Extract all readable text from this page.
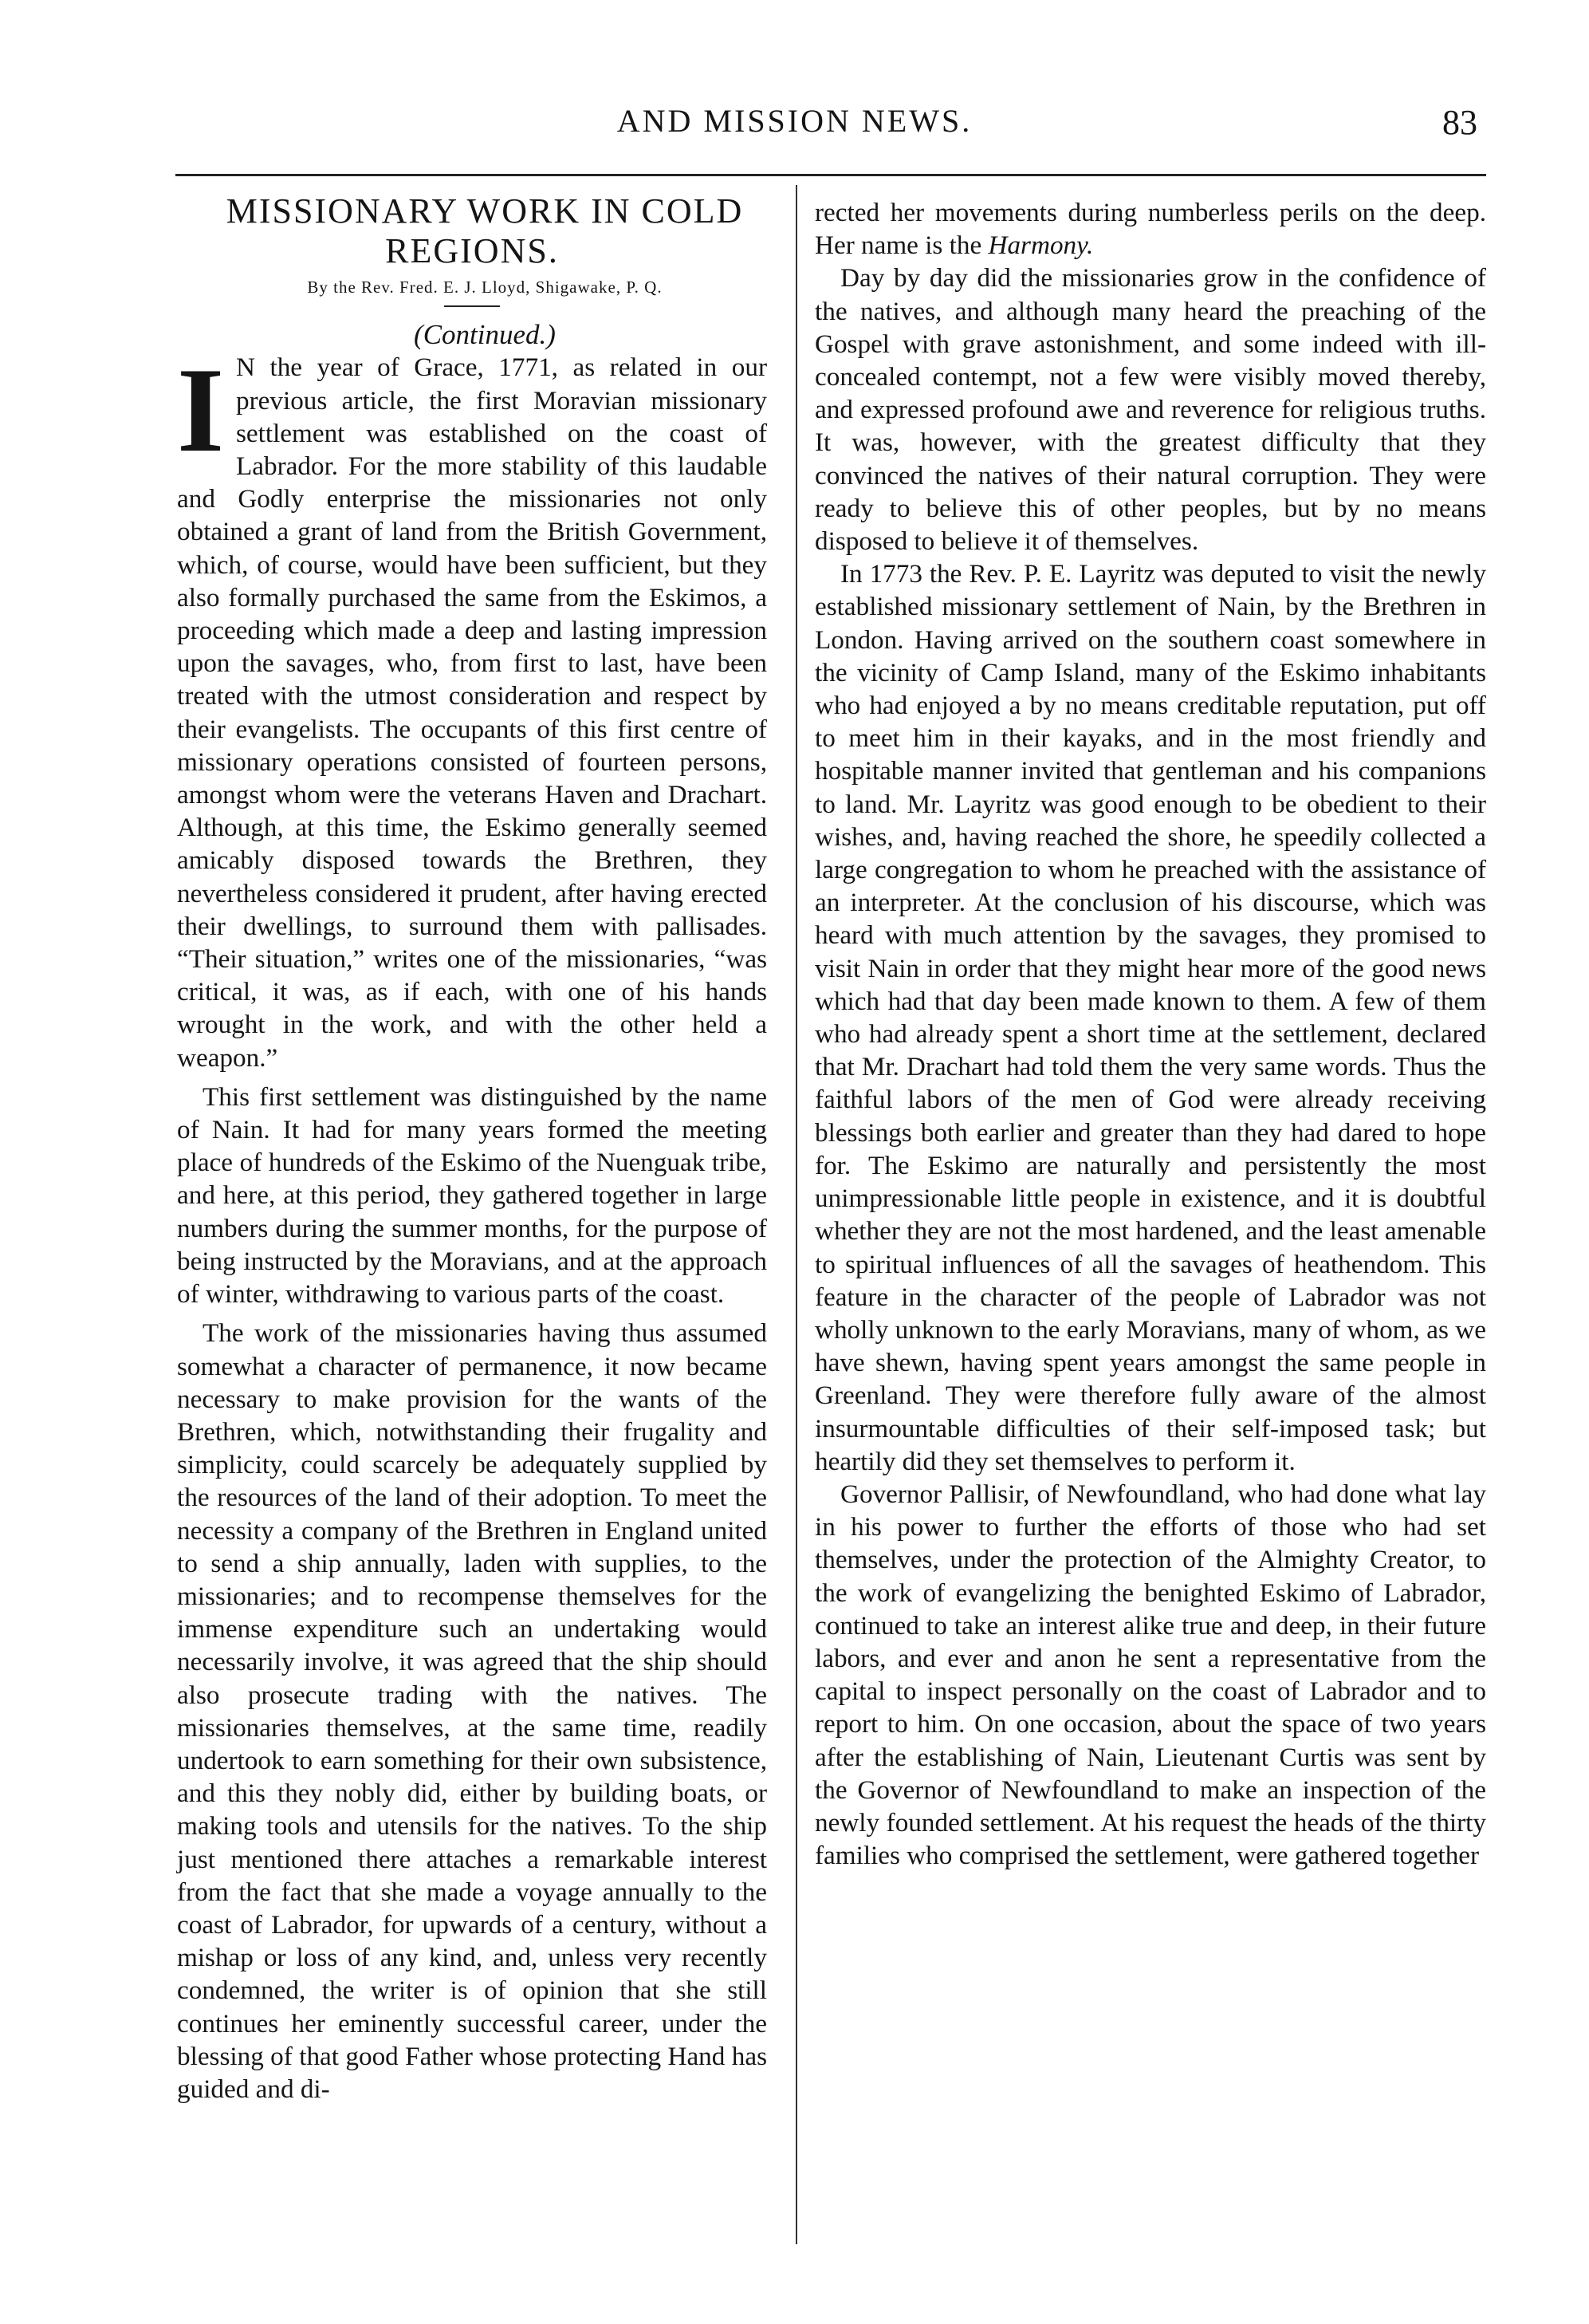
AND MISSION NEWS.	83

MISSIONARY WORK IN COLD REGIONS.

By the Rev. Fred. E. J. Lloyd, Shigawake, P. Q.

(Continued.)

I N the year of Grace, 1771, as related in our previous article, the first Moravian missionary settlement was established on the coast of Labrador. For the more stability of this laudable and Godly enterprise the missionaries not only obtained a grant of land from the British Government, which, of course, would have been sufficient, but they also formally purchased the same from the Eskimos, a proceeding which made a deep and lasting impression upon the savages, who, from first to last, have been treated with the utmost consideration and respect by their evangelists. The occupants of this first centre of missionary operations consisted of fourteen persons, amongst whom were the veterans Haven and Drachart. Although, at this time, the Eskimo generally seemed amicably disposed towards the Brethren, they nevertheless considered it prudent, after having erected their dwellings, to surround them with pallisades. “Their situation,” writes one of the missionaries, “was critical, it was, as if each, with one of his hands wrought in the work, and with the other held a weapon.”

This first settlement was distinguished by the name of Nain. It had for many years formed the meeting place of hundreds of the Eskimo of the Nuenguak tribe, and here, at this period, they gathered together in large numbers during the summer months, for the purpose of being instructed by the Moravians, and at the approach of winter, withdrawing to various parts of the coast.

The work of the missionaries having thus assumed somewhat a character of permanence, it now became necessary to make provision for the wants of the Brethren, which, notwithstanding their frugality and simplicity, could scarcely be adequately supplied by the resources of the land of their adoption. To meet the necessity a company of the Brethren in England united to send a ship annually, laden with supplies, to the missionaries; and to recompense themselves for the immense expenditure such an undertaking would necessarily involve, it was agreed that the ship should also prosecute trading with the natives. The missionaries themselves, at the same time, readily undertook to earn something for their own subsistence, and this they nobly did, either by building boats, or making tools and utensils for the natives. To the ship just mentioned there attaches a remarkable interest from the fact that she made a voyage annually to the coast of Labrador, for upwards of a century, without a mishap or loss of any kind, and, unless very recently condemned, the writer is of opinion that she still continues her eminently successful career, under the blessing of that good Father whose protecting Hand has guided and di-

rected her movements during numberless perils on the deep. Her name is the Harmony.

Day by day did the missionaries grow in the confidence of the natives, and although many heard the preaching of the Gospel with grave astonishment, and some indeed with ill-concealed contempt, not a few were visibly moved thereby, and expressed profound awe and reverence for religious truths. It was, however, with the greatest difficulty that they convinced the natives of their natural corruption. They were ready to believe this of other peoples, but by no means disposed to believe it of themselves.

In 1773 the Rev. P. E. Layritz was deputed to visit the newly established missionary settlement of Nain, by the Brethren in London. Having arrived on the southern coast somewhere in the vicinity of Camp Island, many of the Eskimo inhabitants who had enjoyed a by no means creditable reputation, put off to meet him in their kayaks, and in the most friendly and hospitable manner invited that gentleman and his companions to land. Mr. Layritz was good enough to be obedient to their wishes, and, having reached the shore, he speedily collected a large congregation to whom he preached with the assistance of an interpreter. At the conclusion of his discourse, which was heard with much attention by the savages, they promised to visit Nain in order that they might hear more of the good news which had that day been made known to them. A few of them who had already spent a short time at the settlement, declared that Mr. Drachart had told them the very same words. Thus the faithful labors of the men of God were already receiving blessings both earlier and greater than they had dared to hope for. The Eskimo are naturally and persistently the most unimpressionable little people in existence, and it is doubtful whether they are not the most hardened, and the least amenable to spiritual influences of all the savages of heathendom. This feature in the character of the people of Labrador was not wholly unknown to the early Moravians, many of whom, as we have shewn, having spent years amongst the same people in Greenland. They were therefore fully aware of the almost insurmountable difficulties of their self-imposed task; but heartily did they set themselves to perform it.

Governor Pallisir, of Newfoundland, who had done what lay in his power to further the efforts of those who had set themselves, under the protection of the Almighty Creator, to the work of evangelizing the benighted Eskimo of Labrador, continued to take an interest alike true and deep, in their future labors, and ever and anon he sent a representative from the capital to inspect personally on the coast of Labrador and to report to him. On one occasion, about the space of two years after the establishing of Nain, Lieutenant Curtis was sent by the Governor of Newfoundland to make an inspection of the newly founded settlement. At his request the heads of the thirty families who comprised the settlement, were gathered together
